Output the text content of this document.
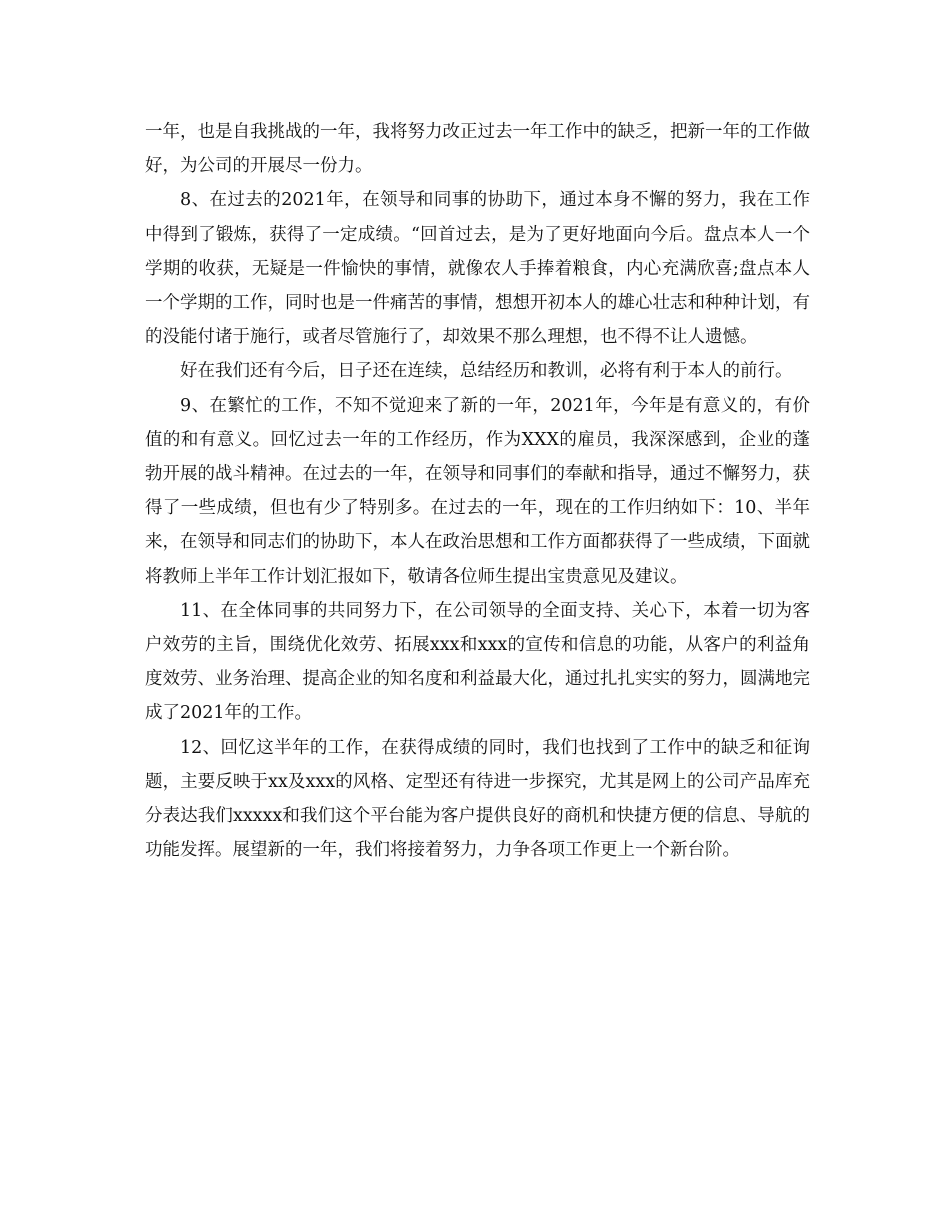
一年，也是自我挑战的一年，我将努力改正过去一年工作中的缺乏，把新一年的工作做好，为公司的开展尽一份力。

8、在过去的2021年，在领导和同事的协助下，通过本身不懈的努力，我在工作中得到了锻炼，获得了一定成绩。“回首过去，是为了更好地面向今后。盘点本人一个学期的收获，无疑是一件愉快的事情，就像农人手捧着粮食，内心充满欣喜;盘点本人一个学期的工作，同时也是一件痛苦的事情，想想开初本人的雄心壮志和种种计划，有的没能付诸于施行，或者尽管施行了，却效果不那么理想，也不得不让人遗憾。

好在我们还有今后，日子还在连续，总结经历和教训，必将有利于本人的前行。

9、在繁忙的工作，不知不觉迎来了新的一年，2021年，今年是有意义的，有价值的和有意义。回忆过去一年的工作经历，作为XXX的雇员，我深深感到，企业的蓬勃开展的战斗精神。在过去的一年，在领导和同事们的奉献和指导，通过不懈努力，获得了一些成绩，但也有少了特别多。在过去的一年，现在的工作归纳如下：10、半年来，在领导和同志们的协助下，本人在政治思想和工作方面都获得了一些成绩，下面就将教师上半年工作计划汇报如下，敬请各位师生提出宝贵意见及建议。

11、在全体同事的共同努力下，在公司领导的全面支持、关心下，本着一切为客户效劳的主旨，围绕优化效劳、拓展xxx和xxx的宣传和信息的功能，从客户的利益角度效劳、业务治理、提高企业的知名度和利益最大化，通过扎扎实实的努力，圆满地完成了2021年的工作。

12、回忆这半年的工作，在获得成绩的同时，我们也找到了工作中的缺乏和征询题，主要反映于xx及xxx的风格、定型还有待进一步探究，尤其是网上的公司产品库充分表达我们xxxxx和我们这个平台能为客户提供良好的商机和快捷方便的信息、导航的功能发挥。展望新的一年，我们将接着努力，力争各项工作更上一个新台阶。
